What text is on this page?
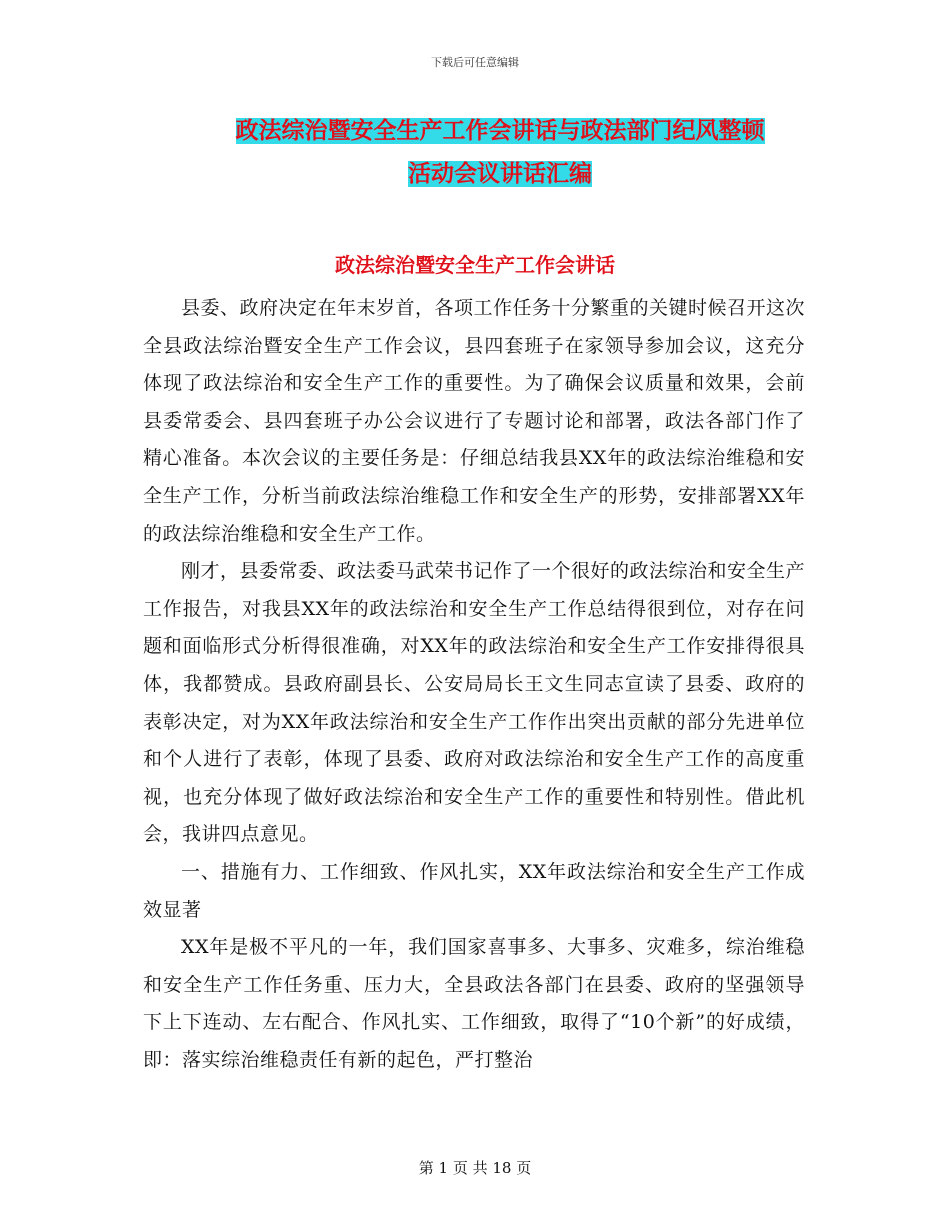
下载后可任意编辑
政法综治暨安全生产工作会讲话与政法部门纪风整顿
活动会议讲话汇编
政法综治暨安全生产工作会讲话

县委、政府决定在年末岁首，各项工作任务十分繁重的关键时候召开这次全县政法综治暨安全生产工作会议，县四套班子在家领导参加会议，这充分体现了政法综治和安全生产工作的重要性。为了确保会议质量和效果，会前县委常委会、县四套班子办公会议进行了专题讨论和部署，政法各部门作了精心准备。本次会议的主要任务是：仔细总结我县XX年的政法综治维稳和安全生产工作，分析当前政法综治维稳工作和安全生产的形势，安排部署XX年的政法综治维稳和安全生产工作。

刚才，县委常委、政法委马武荣书记作了一个很好的政法综治和安全生产工作报告，对我县XX年的政法综治和安全生产工作总结得很到位，对存在问题和面临形式分析得很准确，对XX年的政法综治和安全生产工作安排得很具体，我都赞成。县政府副县长、公安局局长王文生同志宣读了县委、政府的表彰决定，对为XX年政法综治和安全生产工作作出突出贡献的部分先进单位和个人进行了表彰，体现了县委、政府对政法综治和安全生产工作的高度重视，也充分体现了做好政法综治和安全生产工作的重要性和特别性。借此机会，我讲四点意见。

一、措施有力、工作细致、作风扎实，XX年政法综治和安全生产工作成效显著

XX年是极不平凡的一年，我们国家喜事多、大事多、灾难多，综治维稳和安全生产工作任务重、压力大，全县政法各部门在县委、政府的坚强领导下上下连动、左右配合、作风扎实、工作细致，取得了“10个新”的好成绩，即：落实综治维稳责任有新的起色，严打整治

第 1 页 共 18 页
